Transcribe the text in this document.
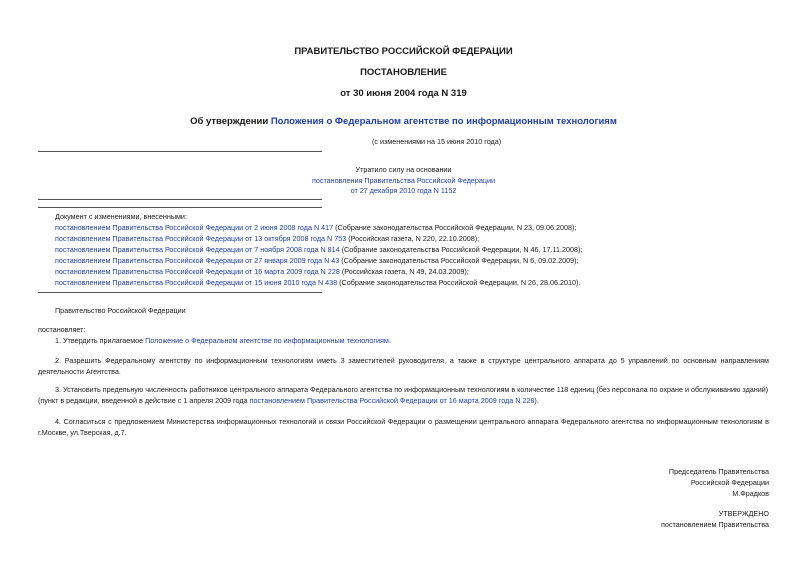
ПРАВИТЕЛЬСТВО РОССИЙСКОЙ ФЕДЕРАЦИИ
ПОСТАНОВЛЕНИЕ
от 30 июня 2004 года N 319
Об утверждении Положения о Федеральном агентстве по информационным технологиям
(с изменениями на 15 июня 2010 года)
Утратило силу на основании
постановления Правительства Российской Федерации
от 27 декабря 2010 года N 1152
Документ с изменениями, внесенными:
постановлением Правительства Российской Федерации от 2 июня 2008 года N 417 (Собрание законодательства Российской Федерации, N 23, 09.06.2008);
постановлением Правительства Российской Федерации от 13 октября 2008 года N 753 (Российская газета, N 220, 22.10.2008);
постановлением Правительства Российской Федерации от 7 ноября 2008 года N 814 (Собрание законодательства Российской Федерации, N 46, 17.11.2008);
постановлением Правительства Российской Федерации от 27 января 2009 года N 43 (Собрание законодательства Российской Федерации, N 6, 09.02.2009);
постановлением Правительства Российской Федерации от 16 марта 2009 года N 228 (Российская газета, N 49, 24.03.2009);
постановлением Правительства Российской Федерации от 15 июня 2010 года N 438 (Собрание законодательства Российской Федерации, N 26, 28.06.2010).
Правительство Российской Федерации
постановляет:
1. Утвердить прилагаемое Положение о Федеральном агентстве по информационным технологиям.

2. Разрешить Федеральному агентству по информационным технологиям иметь 3 заместителей руководителя, а также в структуре центрального аппарата до 5 управлений по основным направлениям деятельности Агентства.

3. Установить предельную численность работников центрального аппарата Федерального агентства по информационным технологиям в количестве 118 единиц (без персонала по охране и обслуживанию зданий)
(пункт в редакции, введенной в действие с 1 апреля 2009 года постановлением Правительства Российской Федерации от 16 марта 2009 года N 228).

4. Согласиться с предложением Министерства информационных технологий и связи Российской Федерации о размещении центрального аппарата Федерального агентства по информационным технологиям в г.Москве, ул.Тверская, д.7.

Председатель Правительства
Российской Федерации
М.Фрадков
УТВЕРЖДЕНО
постановлением Правительства
